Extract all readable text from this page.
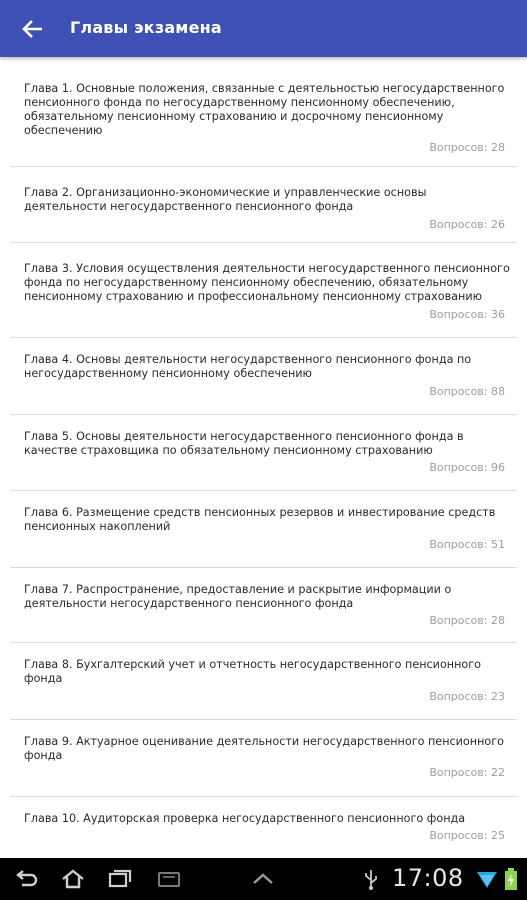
Главы экзамена
Глава 1. Основные положения, связанные с деятельностью негосударственного пенсионного фонда по негосударственному пенсионному обеспечению, обязательному пенсионному страхованию и досрочному пенсионному обеспечению
Вопросов: 28
Глава 2. Организационно-экономические и управленческие основы деятельности негосударственного пенсионного фонда
Вопросов: 26
Глава 3. Условия осуществления деятельности негосударственного пенсионного фонда по негосударственному пенсионному обеспечению, обязательному пенсионному страхованию и профессиональному пенсионному страхованию
Вопросов: 36
Глава 4. Основы деятельности негосударственного пенсионного фонда по негосударственному пенсионному обеспечению
Вопросов: 88
Глава 5. Основы деятельности негосударственного пенсионного фонда в качестве страховщика по обязательному пенсионному страхованию
Вопросов: 96
Глава 6. Размещение средств пенсионных резервов и инвестирование средств пенсионных накоплений
Вопросов: 51
Глава 7. Распространение, предоставление и раскрытие информации о деятельности негосударственного пенсионного фонда
Вопросов: 28
Глава 8. Бухгалтерский учет и отчетность негосударственного пенсионного фонда
Вопросов: 23
Глава 9. Актуарное оценивание деятельности негосударственного пенсионного фонда
Вопросов: 22
Глава 10. Аудиторская проверка негосударственного пенсионного фонда
Вопросов: 25
17:08
